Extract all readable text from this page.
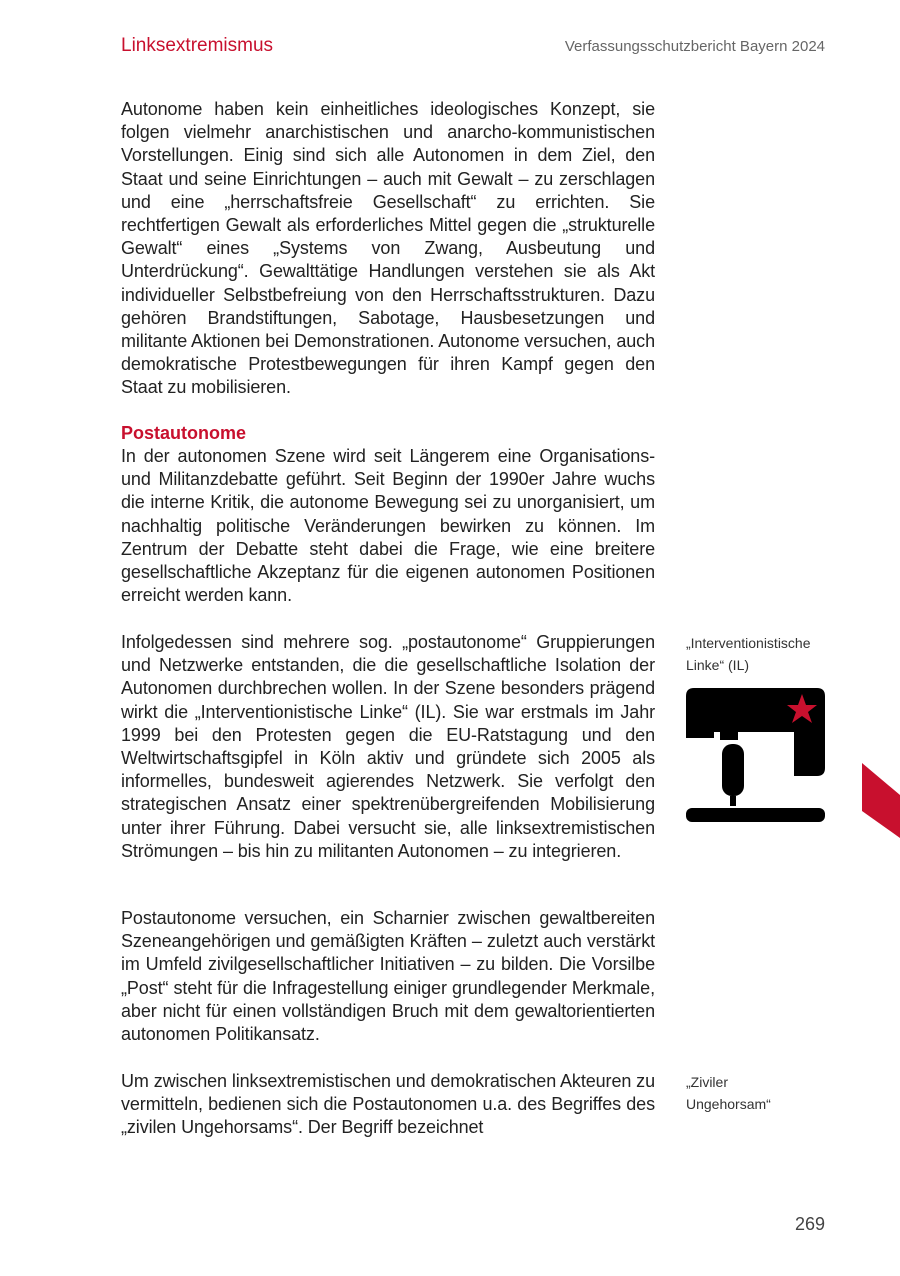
Linksextremismus	Verfassungsschutzbericht Bayern 2024

Autonome haben kein einheitliches ideologisches Konzept, sie folgen vielmehr anarchistischen und anarcho-kommunistischen Vorstellungen. Einig sind sich alle Autonomen in dem Ziel, den Staat und seine Einrichtungen – auch mit Gewalt – zu zerschlagen und eine „herrschaftsfreie Gesellschaft“ zu errichten. Sie rechtfertigen Gewalt als erforderliches Mittel gegen die „strukturelle Gewalt“ eines „Systems von Zwang, Ausbeutung und Unterdrückung“. Gewalttätige Handlungen verstehen sie als Akt individueller Selbstbefreiung von den Herrschaftsstrukturen. Dazu gehören Brandstiftungen, Sabotage, Hausbesetzungen und militante Aktionen bei Demonstrationen. Autonome versuchen, auch demokratische Protestbewegungen für ihren Kampf gegen den Staat zu mobilisieren.

Postautonome

In der autonomen Szene wird seit Längerem eine Organisations- und Militanzdebatte geführt. Seit Beginn der 1990er Jahre wuchs die interne Kritik, die autonome Bewegung sei zu unorganisiert, um nachhaltig politische Veränderungen bewirken zu können. Im Zentrum der Debatte steht dabei die Frage, wie eine breitere gesellschaftliche Akzeptanz für die eigenen autonomen Positionen erreicht werden kann.

Infolgedessen sind mehrere sog. „postautonome“ Gruppierungen und Netzwerke entstanden, die die gesellschaftliche Isolation der Autonomen durchbrechen wollen. In der Szene besonders prägend wirkt die „Interventionistische Linke“ (IL). Sie war erstmals im Jahr 1999 bei den Protesten gegen die EU-Ratstagung und den Weltwirtschaftsgipfel in Köln aktiv und gründete sich 2005 als informelles, bundesweit agierendes Netzwerk. Sie verfolgt den strategischen Ansatz einer spektrenübergreifenden Mobilisierung unter ihrer Führung. Dabei versucht sie, alle linksextremistischen Strömungen – bis hin zu militanten Autonomen – zu integrieren.

Postautonome versuchen, ein Scharnier zwischen gewaltbereiten Szeneangehörigen und gemäßigten Kräften – zuletzt auch verstärkt im Umfeld zivilgesellschaftlicher Initiativen – zu bilden. Die Vorsilbe „Post“ steht für die Infragestellung einiger grundlegender Merkmale, aber nicht für einen vollständigen Bruch mit dem gewaltorientierten autonomen Politikansatz.

Um zwischen linksextremistischen und demokratischen Akteuren zu vermitteln, bedienen sich die Postautonomen u.a. des Begriffes des „zivilen Ungehorsams“. Der Begriff bezeichnet

„Interventionistische
Linke“ (IL)
„Ziviler
Ungehorsam“
269
